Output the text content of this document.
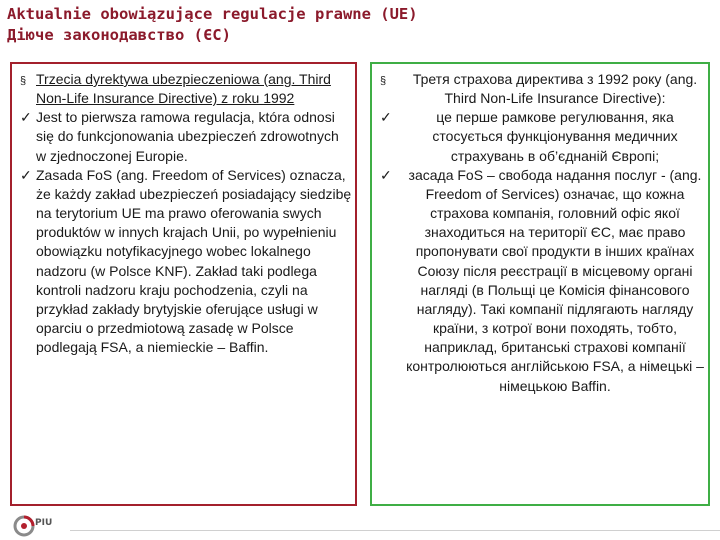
Aktualnie obowiązujące regulacje prawne (UE)
Діюче законодавство (ЄС)
§ Trzecia dyrektywa ubezpieczeniowa (ang. Third Non-Life Insurance Directive) z roku 1992
✓ Jest to pierwsza ramowa regulacja, która odnosi się do funkcjonowania ubezpieczeń zdrowotnych w zjednoczonej Europie.
✓ Zasada FoS (ang. Freedom of Services) oznacza, że każdy zakład ubezpieczeń posiadający siedzibę na terytorium UE ma prawo oferowania swych produktów w innych krajach Unii, po wypełnieniu obowiązku notyfikacyjnego wobec lokalnego nadzoru (w Polsce KNF). Zakład taki podlega kontroli nadzoru kraju pochodzenia, czyli na przykład zakłady brytyjskie oferujące usługi w oparciu o przedmiotową zasadę w Polsce podlegają FSA, a niemieckie – Baffin.
§	Третя страхова директива з 1992 року (ang. Third Non-Life Insurance Directive):
✓	це перше рамкове регулювання, яка стосується функціонування медичних страхувань в об’єднаній Європі;
✓	засада FoS – свобода надання послуг - (ang. Freedom of Services) означає, що кожна страхова компанія, головний офіс якої знаходиться на території ЄС, має право пропонувати свої продукти в інших країнах Союзу після реєстрації в місцевому органі нагляді (в Польщі це Комісія фінансового нагляду). Такі компанії підлягають нагляду країни, з котрої вони походять, тобто, наприклад, британські страхові компанії контролюються англійською FSA, а німецькі – німецькою Baffin.
PIU
